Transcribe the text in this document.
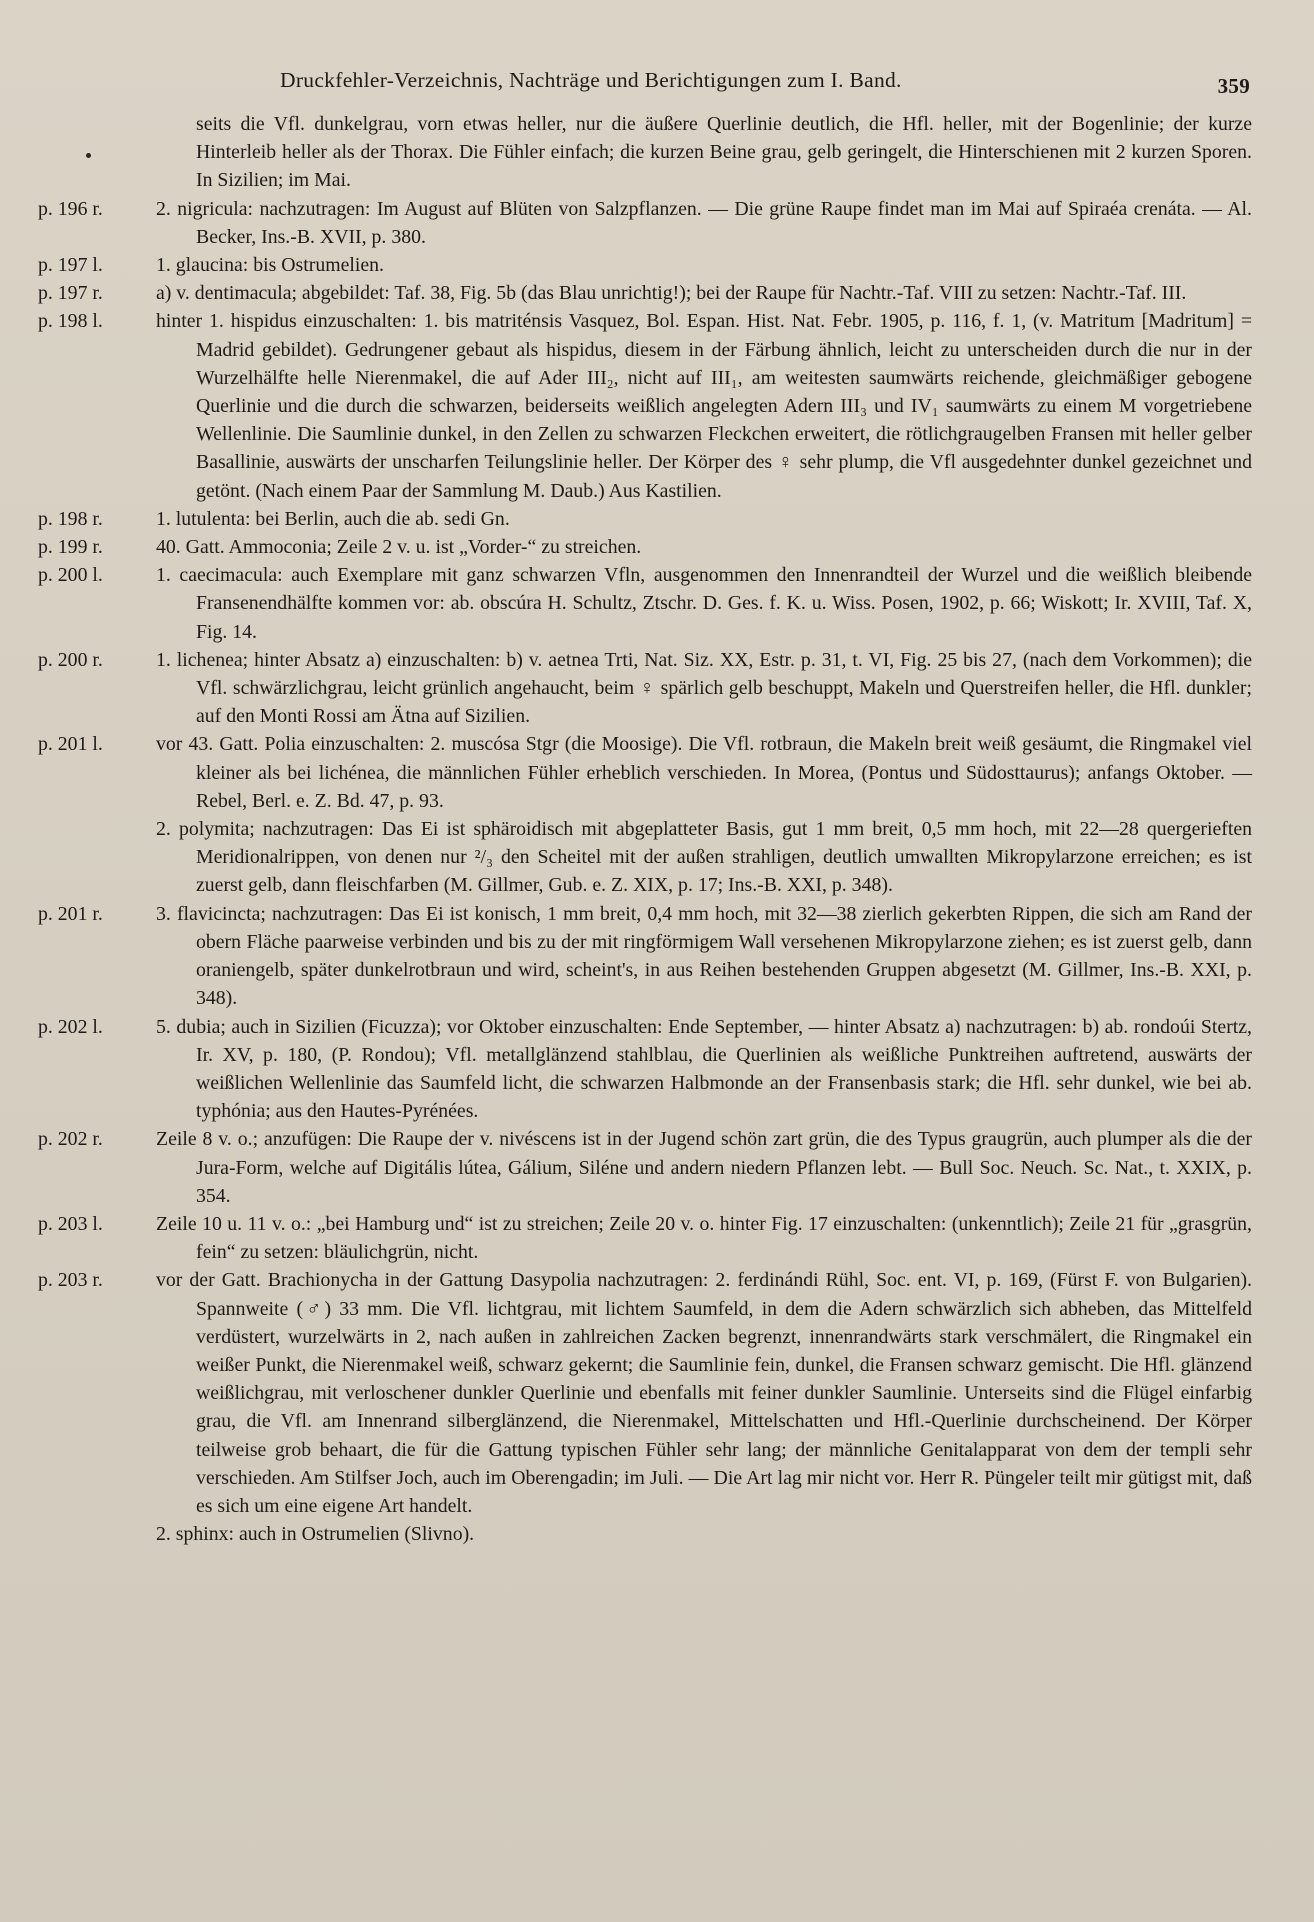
Druckfehler-Verzeichnis, Nachträge und Berichtigungen zum I. Band.	359
seits die Vfl. dunkelgrau, vorn etwas heller, nur die äußere Querlinie deutlich, die Hfl. heller, mit der Bogenlinie; der kurze Hinterleib heller als der Thorax. Die Fühler einfach; die kurzen Beine grau, gelb geringelt, die Hinterschienen mit 2 kurzen Sporen. In Sizilien; im Mai.
p. 196 r.	2. nigricula: nachzutragen: Im August auf Blüten von Salzpflanzen. — Die grüne Raupe findet man im Mai auf Spiraéa crenáta. — Al. Becker, Ins.-B. XVII, p. 380.
p. 197 l.	1. glaucina: bis Ostrumelien.
p. 197 r.	a) v. dentimacula; abgebildet: Taf. 38, Fig. 5b (das Blau unrichtig!); bei der Raupe für Nachtr.-Taf. VIII zu setzen: Nachtr.-Taf. III.
p. 198 l.	hinter 1. hispidus einzuschalten: 1. bis matriténsis Vasquez, Bol. Espan. Hist. Nat. Febr. 1905, p. 116, f. 1, (v. Matritum [Madritum] = Madrid gebildet). Gedrungener gebaut als hispidus, diesem in der Färbung ähnlich, leicht zu unterscheiden durch die nur in der Wurzelhälfte helle Nierenmakel, die auf Ader III₂, nicht auf III₁, am weitesten saumwärts reichende, gleichmäßiger gebogene Querlinie und die durch die schwarzen, beiderseits weißlich angelegten Adern III₃ und IV₁ saumwärts zu einem M vorgetriebene Wellenlinie. Die Saumlinie dunkel, in den Zellen zu schwarzen Fleckchen erweitert, die rötlichgraugelben Fransen mit heller gelber Basallinie, auswärts der unscharfen Teilungslinie heller. Der Körper des ♀ sehr plump, die Vfl ausgedehnter dunkel gezeichnet und getönt. (Nach einem Paar der Sammlung M. Daub.) Aus Kastilien.
p. 198 r.	1. lutulenta: bei Berlin, auch die ab. sedi Gn.
p. 199 r.	40. Gatt. Ammoconia; Zeile 2 v. u. ist „Vorder-“ zu streichen.
p. 200 l.	1. caecimacula: auch Exemplare mit ganz schwarzen Vfln, ausgenommen den Innenrandteil der Wurzel und die weißlich bleibende Fransenendhälfte kommen vor: ab. obscúra H. Schultz, Ztschr. D. Ges. f. K. u. Wiss. Posen, 1902, p. 66; Wiskott; Ir. XVIII, Taf. X, Fig. 14.
p. 200 r.	1. lichenea; hinter Absatz a) einzuschalten: b) v. aetnea Trti, Nat. Siz. XX, Estr. p. 31, t. VI, Fig. 25 bis 27, (nach dem Vorkommen); die Vfl. schwärzlichgrau, leicht grünlich angehaucht, beim ♀ spärlich gelb beschuppt, Makeln und Querstreifen heller, die Hfl. dunkler; auf den Monti Rossi am Ätna auf Sizilien.
p. 201 l.	vor 43. Gatt. Polia einzuschalten: 2. muscósa Stgr (die Moosige). Die Vfl. rotbraun, die Makeln breit weiß gesäumt, die Ringmakel viel kleiner als bei lichénea, die männlichen Fühler erheblich verschieden. In Morea, (Pontus und Südosttaurus); anfangs Oktober. — Rebel, Berl. e. Z. Bd. 47, p. 93.
2. polymita; nachzutragen: Das Ei ist sphäroidisch mit abgeplatteter Basis, gut 1 mm breit, 0,5 mm hoch, mit 22—28 quergerieften Meridionalrippen, von denen nur ²/₃ den Scheitel mit der außen strahligen, deutlich umwallten Mikropylarzone erreichen; es ist zuerst gelb, dann fleischfarben (M. Gillmer, Gub. e. Z. XIX, p. 17; Ins.-B. XXI, p. 348).
p. 201 r.	3. flavicincta; nachzutragen: Das Ei ist konisch, 1 mm breit, 0,4 mm hoch, mit 32—38 zierlich gekerbten Rippen, die sich am Rand der obern Fläche paarweise verbinden und bis zu der mit ringförmigem Wall versehenen Mikropylarzone ziehen; es ist zuerst gelb, dann oraniengelb, später dunkelrotbraun und wird, scheint's, in aus Reihen bestehenden Gruppen abgesetzt (M. Gillmer, Ins.-B. XXI, p. 348).
p. 202 l.	5. dubia; auch in Sizilien (Ficuzza); vor Oktober einzuschalten: Ende September, — hinter Absatz a) nachzutragen: b) ab. rondoúi Stertz, Ir. XV, p. 180, (P. Rondou); Vfl. metallglänzend stahlblau, die Querlinien als weißliche Punktreihen auftretend, auswärts der weißlichen Wellenlinie das Saumfeld licht, die schwarzen Halbmonde an der Fransenbasis stark; die Hfl. sehr dunkel, wie bei ab. typhónia; aus den Hautes-Pyrénées.
p. 202 r.	Zeile 8 v. o.; anzufügen: Die Raupe der v. nivéscens ist in der Jugend schön zart grün, die des Typus graugrün, auch plumper als die der Jura-Form, welche auf Digitális lútea, Gálium, Siléne und andern niedern Pflanzen lebt. — Bull Soc. Neuch. Sc. Nat., t. XXIX, p. 354.
p. 203 l.	Zeile 10 u. 11 v. o.: „bei Hamburg und“ ist zu streichen; Zeile 20 v. o. hinter Fig. 17 einzuschalten: (unkenntlich); Zeile 21 für „grasgrün, fein“ zu setzen: bläulichgrün, nicht.
p. 203 r.	vor der Gatt. Brachionycha in der Gattung Dasypolia nachzutragen: 2. ferdinándi Rühl, Soc. ent. VI, p. 169, (Fürst F. von Bulgarien). Spannweite (♂) 33 mm. Die Vfl. lichtgrau, mit lichtem Saumfeld, in dem die Adern schwärzlich sich abheben, das Mittelfeld verdüstert, wurzelwärts in 2, nach außen in zahlreichen Zacken begrenzt, innenrandwärts stark verschmälert, die Ringmakel ein weißer Punkt, die Nierenmakel weiß, schwarz gekernt; die Saumlinie fein, dunkel, die Fransen schwarz gemischt. Die Hfl. glänzend weißlichgrau, mit verloschener dunkler Querlinie und ebenfalls mit feiner dunkler Saumlinie. Unterseits sind die Flügel einfarbig grau, die Vfl. am Innenrand silberglänzend, die Nierenmakel, Mittelschatten und Hfl.-Querlinie durchscheinend. Der Körper teilweise grob behaart, die für die Gattung typischen Fühler sehr lang; der männliche Genitalapparat von dem der templi sehr verschieden. Am Stilfser Joch, auch im Oberengadin; im Juli. — Die Art lag mir nicht vor. Herr R. Püngeler teilt mir gütigst mit, daß es sich um eine eigene Art handelt.
2. sphinx: auch in Ostrumelien (Slivno).
